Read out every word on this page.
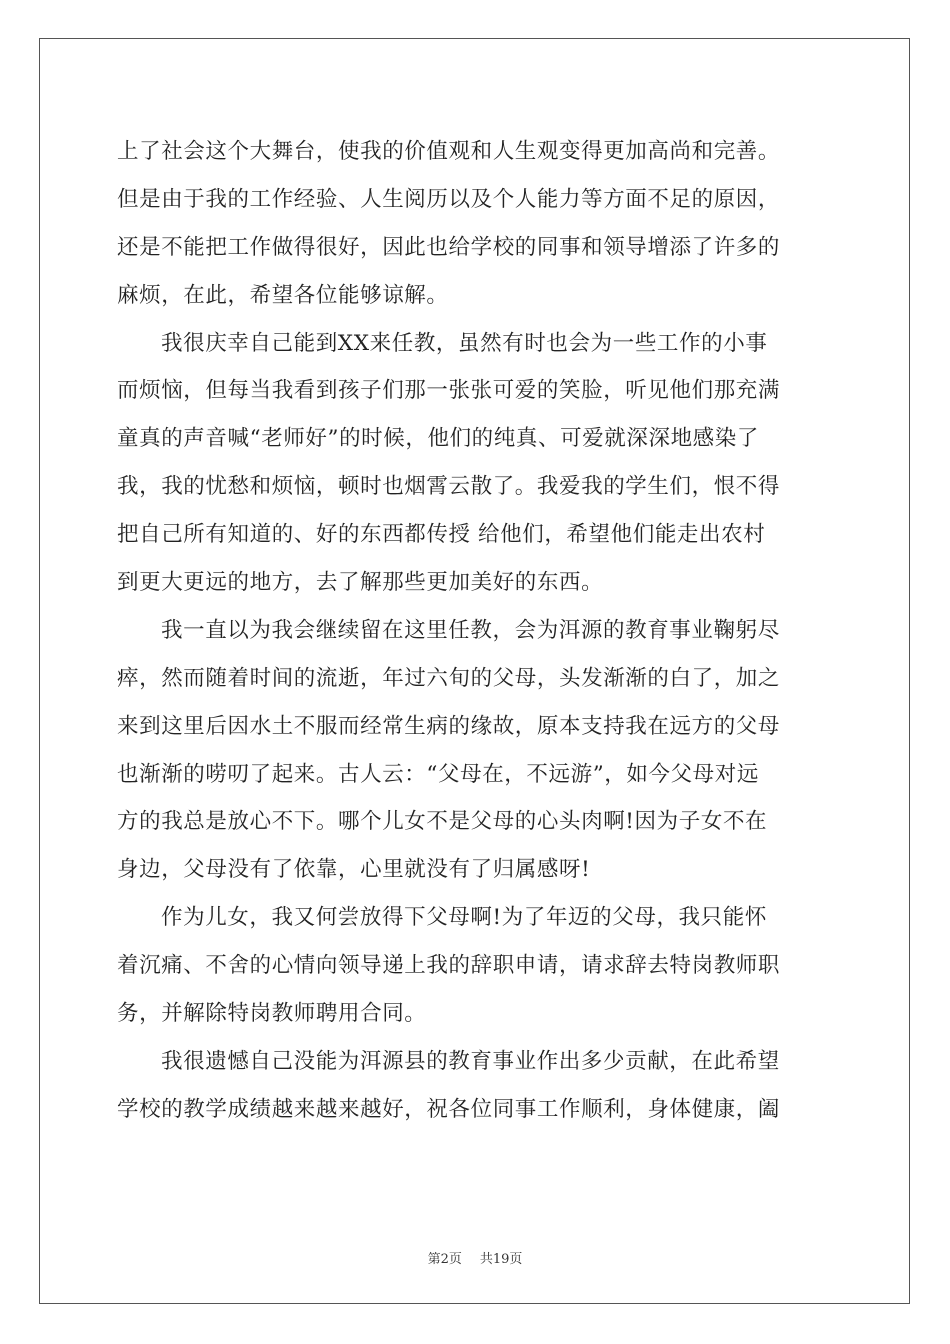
上了社会这个大舞台，使我的价值观和人生观变得更加高尚和完善。
但是由于我的工作经验、人生阅历以及个人能力等方面不足的原因，
还是不能把工作做得很好，因此也给学校的同事和领导增添了许多的
麻烦，在此，希望各位能够谅解。
我很庆幸自己能到XX来任教，虽然有时也会为一些工作的小事
而烦恼，但每当我看到孩子们那一张张可爱的笑脸，听见他们那充满
童真的声音喊“老师好”的时候，他们的纯真、可爱就深深地感染了
我，我的忧愁和烦恼，顿时也烟霄云散了。我爱我的学生们，恨不得
把自己所有知道的、好的东西都传授 给他们，希望他们能走出农村
到更大更远的地方，去了解那些更加美好的东西。
我一直以为我会继续留在这里任教，会为洱源的教育事业鞠躬尽
瘁，然而随着时间的流逝，年过六旬的父母，头发渐渐的白了，加之
来到这里后因水土不服而经常生病的缘故，原本支持我在远方的父母
也渐渐的唠叨了起来。古人云：“父母在，不远游”，如今父母对远
方的我总是放心不下。哪个儿女不是父母的心头肉啊!因为子女不在
身边，父母没有了依靠，心里就没有了归属感呀!
作为儿女，我又何尝放得下父母啊!为了年迈的父母，我只能怀
着沉痛、不舍的心情向领导递上我的辞职申请，请求辞去特岗教师职
务，并解除特岗教师聘用合同。
我很遗憾自己没能为洱源县的教育事业作出多少贡献，在此希望
学校的教学成绩越来越来越好，祝各位同事工作顺利，身体健康，阖
第2页 共19页
